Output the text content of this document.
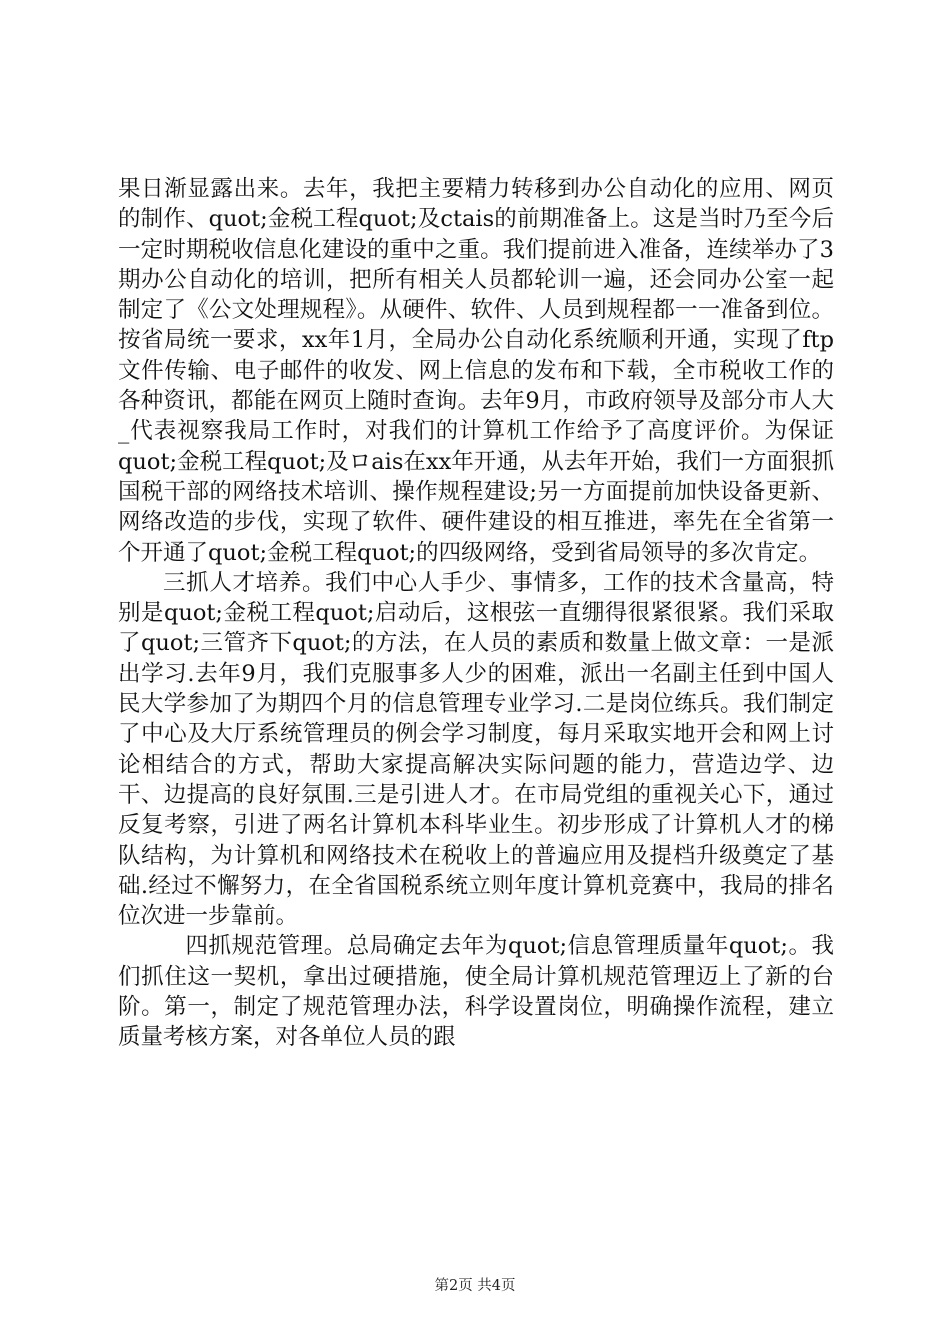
果日渐显露出来。去年，我把主要精力转移到办公自动化的应用、网页的制作、quot;金税工程quot;及ctais的前期准备上。这是当时乃至今后一定时期税收信息化建设的重中之重。我们提前进入准备，连续举办了3期办公自动化的培训，把所有相关人员都轮训一遍，还会同办公室一起制定了《公文处理规程》。从硬件、软件、人员到规程都一一准备到位。按省局统一要求，xx年1月，全局办公自动化系统顺利开通，实现了ftp文件传输、电子邮件的收发、网上信息的发布和下载，全市税收工作的各种资讯，都能在网页上随时查询。去年9月，市政府领导及部分市人大_代表视察我局工作时，对我们的计算机工作给予了高度评价。为保证quot;金税工程quot;及ロais在xx年开通，从去年开始，我们一方面狠抓国税干部的网络技术培训、操作规程建设;另一方面提前加快设备更新、网络改造的步伐，实现了软件、硬件建设的相互推进，率先在全省第一个开通了quot;金税工程quot;的四级网络，受到省局领导的多次肯定。

三抓人才培养。我们中心人手少、事情多，工作的技术含量高，特别是quot;金税工程quot;启动后，这根弦一直绷得很紧很紧。我们采取了quot;三管齐下quot;的方法，在人员的素质和数量上做文章：一是派出学习.去年9月，我们克服事多人少的困难，派出一名副主任到中国人民大学参加了为期四个月的信息管理专业学习.二是岗位练兵。我们制定了中心及大厅系统管理员的例会学习制度，每月采取实地开会和网上讨论相结合的方式，帮助大家提高解决实际问题的能力，营造边学、边干、边提高的良好氛围.三是引进人才。在市局党组的重视关心下，通过反复考察，引进了两名计算机本科毕业生。初步形成了计算机人才的梯队结构，为计算机和网络技术在税收上的普遍应用及提档升级奠定了基础.经过不懈努力，在全省国税系统立则年度计算机竞赛中，我局的排名位次进一步靠前。

四抓规范管理。总局确定去年为quot;信息管理质量年quot;。我们抓住这一契机，拿出过硬措施，使全局计算机规范管理迈上了新的台阶。第一，制定了规范管理办法，科学设置岗位，明确操作流程，建立质量考核方案，对各单位人员的跟

第2页 共4页
